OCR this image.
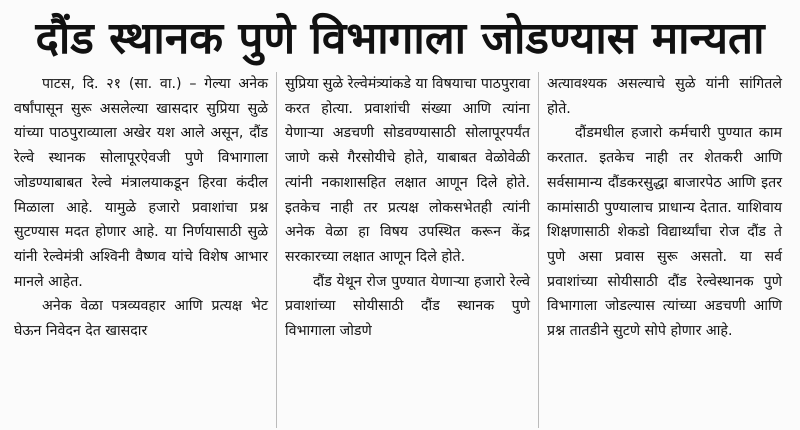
दौंड स्थानक पुणे विभागाला जोडण्यास मान्यता

पाटस, दि. २१ (सा. वा.) – गेल्या अनेक वर्षांपासून सुरू असलेल्या खासदार सुप्रिया सुळे यांच्या पाठपुराव्याला अखेर यश आले असून, दौंड रेल्वे स्थानक सोलापूरऐवजी पुणे विभागाला जोडण्याबाबत रेल्वे मंत्रालयाकडून हिरवा कंदील मिळाला आहे. यामुळे हजारो प्रवाशांचा प्रश्न सुटण्यास मदत होणार आहे. या निर्णयासाठी सुळे यांनी रेल्वेमंत्री अश्विनी वैष्णव यांचे विशेष आभार मानले आहेत.

अनेक वेळा पत्रव्यवहार आणि प्रत्यक्ष भेट घेऊन निवेदन देत खासदार

सुप्रिया सुळे रेल्वेमंत्र्यांकडे या विषयाचा पाठपुरावा करत होत्या. प्रवाशांची संख्या आणि त्यांना येणाऱ्या अडचणी सोडवण्यासाठी सोलापूरपर्यंत जाणे कसे गैरसोयीचे होते, याबाबत वेळोवेळी त्यांनी नकाशासहित लक्षात आणून दिले होते. इतकेच नाही तर प्रत्यक्ष लोकसभेतही त्यांनी अनेक वेळा हा विषय उपस्थित करून केंद्र सरकारच्या लक्षात आणून दिले होते.

दौंड येथून रोज पुण्यात येणाऱ्या हजारो रेल्वे प्रवाशांच्या सोयीसाठी दौंड स्थानक पुणे विभागाला जोडणे

अत्यावश्यक असल्याचे सुळे यांनी सांगितले होते.

दौंडमधील हजारो कर्मचारी पुण्यात काम करतात. इतकेच नाही तर शेतकरी आणि सर्वसामान्य दौंडकरसुद्धा बाजारपेठ आणि इतर कामांसाठी पुण्यालाच प्राधान्य देतात. याशिवाय शिक्षणासाठी शेकडो विद्यार्थ्यांचा रोज दौंड ते पुणे असा प्रवास सुरू असतो. या सर्व प्रवाशांच्या सोयीसाठी दौंड रेल्वेस्थानक पुणे विभागाला जोडल्यास त्यांच्या अडचणी आणि प्रश्न तातडीने सुटणे सोपे होणार आहे.
